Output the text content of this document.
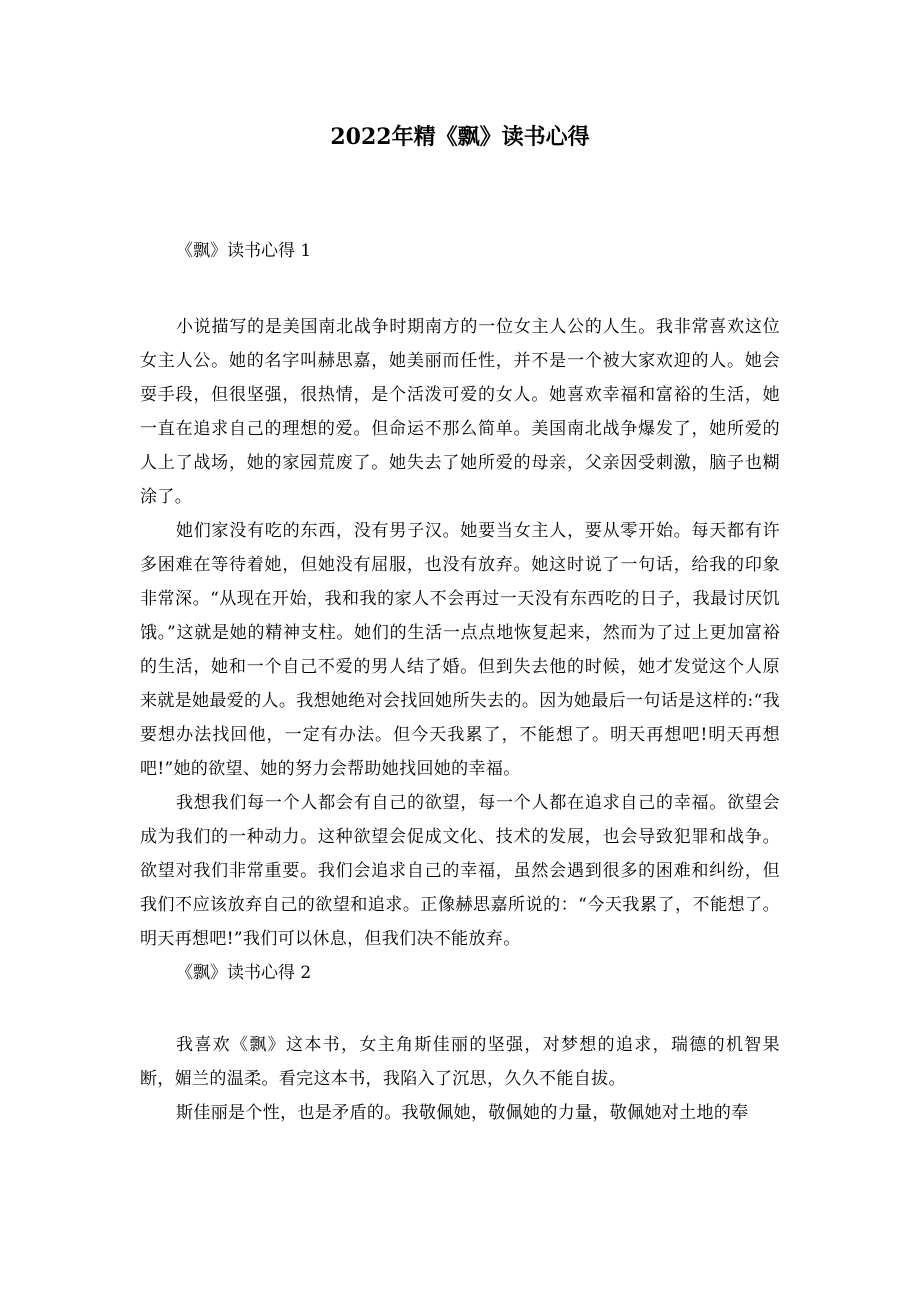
2022年精《飘》读书心得

《飘》读书心得 1

小说描写的是美国南北战争时期南方的一位女主人公的人生。我非常喜欢这位女主人公。她的名字叫赫思嘉，她美丽而任性，并不是一个被大家欢迎的人。她会耍手段，但很坚强，很热情，是个活泼可爱的女人。她喜欢幸福和富裕的生活，她一直在追求自己的理想的爱。但命运不那么简单。美国南北战争爆发了，她所爱的人上了战场，她的家园荒废了。她失去了她所爱的母亲，父亲因受刺激，脑子也糊涂了。

她们家没有吃的东西，没有男子汉。她要当女主人，要从零开始。每天都有许多困难在等待着她，但她没有屈服，也没有放弃。她这时说了一句话，给我的印象非常深。“从现在开始，我和我的家人不会再过一天没有东西吃的日子，我最讨厌饥饿。”这就是她的精神支柱。她们的生活一点点地恢复起来，然而为了过上更加富裕的生活，她和一个自己不爱的男人结了婚。但到失去他的时候，她才发觉这个人原来就是她最爱的人。我想她绝对会找回她所失去的。因为她最后一句话是这样的:“我要想办法找回他，一定有办法。但今天我累了，不能想了。明天再想吧!明天再想吧!”她的欲望、她的努力会帮助她找回她的幸福。

我想我们每一个人都会有自己的欲望，每一个人都在追求自己的幸福。欲望会成为我们的一种动力。这种欲望会促成文化、技术的发展，也会导致犯罪和战争。欲望对我们非常重要。我们会追求自己的幸福，虽然会遇到很多的困难和纠纷，但我们不应该放弃自己的欲望和追求。正像赫思嘉所说的：“今天我累了，不能想了。明天再想吧!”我们可以休息，但我们决不能放弃。

《飘》读书心得 2

我喜欢《飘》这本书，女主角斯佳丽的坚强，对梦想的追求，瑞德的机智果断，媚兰的温柔。看完这本书，我陷入了沉思，久久不能自拔。

斯佳丽是个性，也是矛盾的。我敬佩她，敬佩她的力量，敬佩她对土地的奉
